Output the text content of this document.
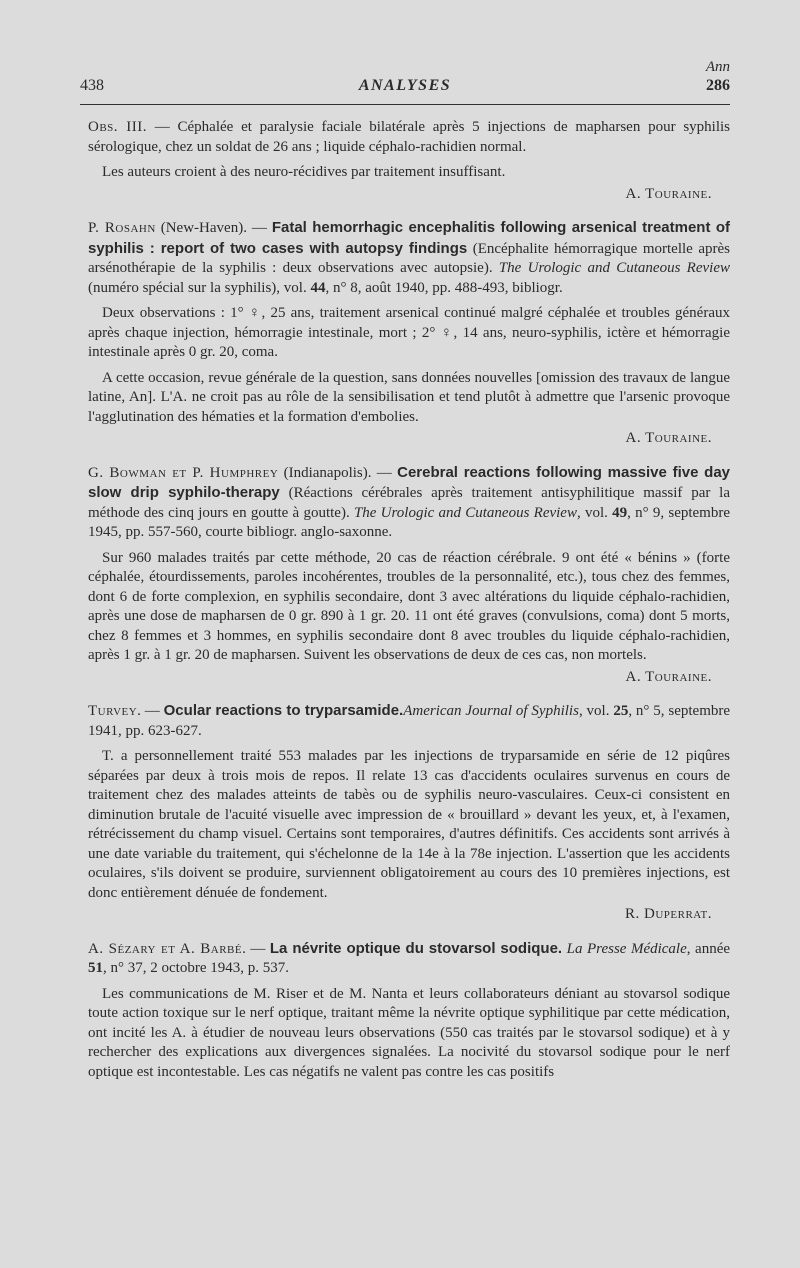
Ann
438	ANALYSES	286

Obs. III. — Céphalée et paralysie faciale bilatérale après 5 injections de mapharsen pour syphilis sérologique, chez un soldat de 26 ans ; liquide céphalo-rachidien normal.

Les auteurs croient à des neuro-récidives par traitement insuffisant.

A. Touraine.

P. Rosahn (New-Haven). — Fatal hemorrhagic encephalitis following arsenical treatment of syphilis : report of two cases with autopsy findings (Encéphalite hémorragique mortelle après arsénothérapie de la syphilis : deux observations avec autopsie). The Urologic and Cutaneous Review (numéro spécial sur la syphilis), vol. 44, n° 8, août 1940, pp. 488-493, bibliogr.

Deux observations : 1° ♀, 25 ans, traitement arsenical continué malgré céphalée et troubles généraux après chaque injection, hémorragie intestinale, mort ; 2° ♀, 14 ans, neuro-syphilis, ictère et hémorragie intestinale après 0 gr. 20, coma.

A cette occasion, revue générale de la question, sans données nouvelles [omission des travaux de langue latine, An]. L'A. ne croit pas au rôle de la sensibilisation et tend plutôt à admettre que l'arsenic provoque l'agglutination des hématies et la formation d'embolies.

A. Touraine.

G. Bowman et P. Humphrey (Indianapolis). — Cerebral reactions following massive five day slow drip syphilo-therapy (Réactions cérébrales après traitement antisyphilitique massif par la méthode des cinq jours en goutte à goutte). The Urologic and Cutaneous Review, vol. 49, n° 9, septembre 1945, pp. 557-560, courte bibliogr. anglo-saxonne.

Sur 960 malades traités par cette méthode, 20 cas de réaction cérébrale. 9 ont été « bénins » (forte céphalée, étourdissements, paroles incohérentes, troubles de la personnalité, etc.), tous chez des femmes, dont 6 de forte complexion, en syphilis secondaire, dont 3 avec altérations du liquide céphalo-rachidien, après une dose de mapharsen de 0 gr. 890 à 1 gr. 20. 11 ont été graves (convulsions, coma) dont 5 morts, chez 8 femmes et 3 hommes, en syphilis secondaire dont 8 avec troubles du liquide céphalo-rachidien, après 1 gr. à 1 gr. 20 de mapharsen. Suivent les observations de deux de ces cas, non mortels.

A. Touraine.

Turvey. — Ocular reactions to tryparsamide.American Journal of Syphilis, vol. 25, n° 5, septembre 1941, pp. 623-627.

T. a personnellement traité 553 malades par les injections de tryparsamide en série de 12 piqûres séparées par deux à trois mois de repos. Il relate 13 cas d'accidents oculaires survenus en cours de traitement chez des malades atteints de tabès ou de syphilis neuro-vasculaires. Ceux-ci consistent en diminution brutale de l'acuité visuelle avec impression de « brouillard » devant les yeux, et, à l'examen, rétrécissement du champ visuel. Certains sont temporaires, d'autres définitifs. Ces accidents sont arrivés à une date variable du traitement, qui s'échelonne de la 14e à la 78e injection. L'assertion que les accidents oculaires, s'ils doivent se produire, surviennent obligatoirement au cours des 10 premières injections, est donc entièrement dénuée de fondement.

R. Duperrat.

A. Sézary et A. Barbé. — La névrite optique du stovarsol sodique. La Presse Médicale, année 51, n° 37, 2 octobre 1943, p. 537.

Les communications de M. Riser et de M. Nanta et leurs collaborateurs déniant au stovarsol sodique toute action toxique sur le nerf optique, traitant même la névrite optique syphilitique par cette médication, ont incité les A. à étudier de nouveau leurs observations (550 cas traités par le stovarsol sodique) et à y rechercher des explications aux divergences signalées. La nocivité du stovarsol sodique pour le nerf optique est incontestable. Les cas négatifs ne valent pas contre les cas positifs
